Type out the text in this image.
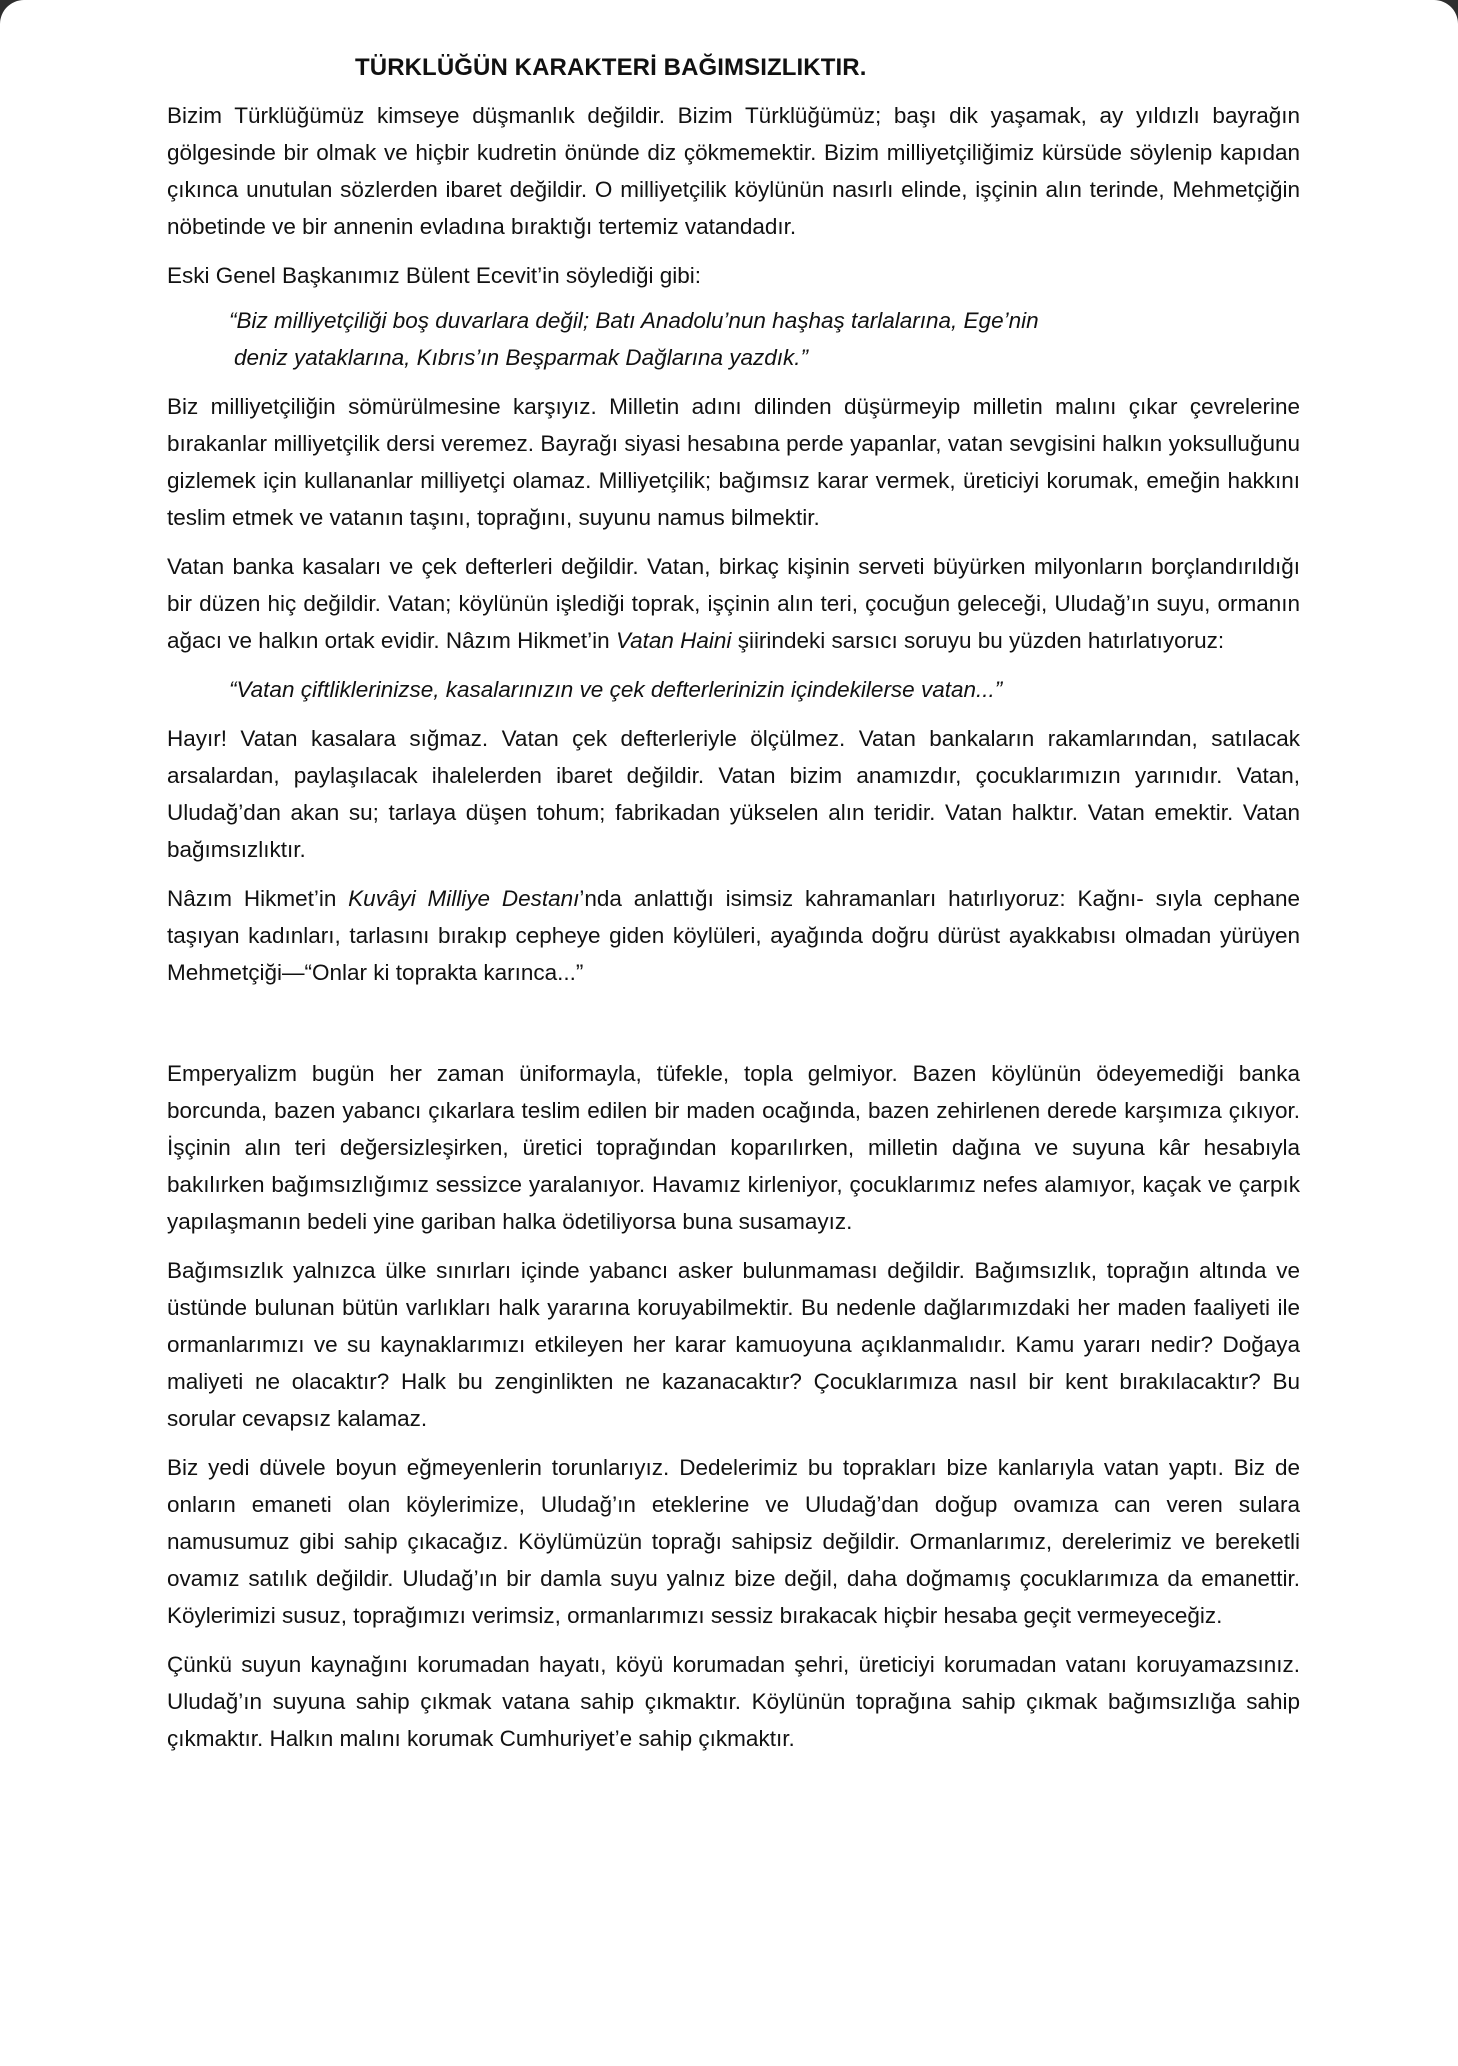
TÜRKLÜĞÜN KARAKTERİ BAĞIMSIZLIKTIR.

Bizim Türklüğümüz kimseye düşmanlık değildir. Bizim Türklüğümüz; başı dik yaşamak, ay yıldızlı bayrağın gölgesinde bir olmak ve hiçbir kudretin önünde diz çökmemektir. Bizim milliyetçiliğimiz kürsüde söylenip kapıdan çıkınca unutulan sözlerden ibaret değildir. O milliyetçilik köylünün nasırlı elinde, işçinin alın terinde, Mehmetçiğin nöbetinde ve bir annenin evladına bıraktığı tertemiz vatandadır.

Eski Genel Başkanımız Bülent Ecevit’in söylediği gibi:

“Biz milliyetçiliği boş duvarlara değil; Batı Anadolu’nun haşhaş tarlalarına, Ege’nin
deniz yataklarına, Kıbrıs’ın Beşparmak Dağlarına yazdık.”

Biz milliyetçiliğin sömürülmesine karşıyız. Milletin adını dilinden düşürmeyip milletin malını çıkar çevrelerine bırakanlar milliyetçilik dersi veremez. Bayrağı siyasi hesabına perde yapanlar, vatan sevgisini halkın yoksulluğunu gizlemek için kullananlar milliyetçi olamaz. Milliyetçilik; bağımsız karar vermek, üreticiyi korumak, emeğin hakkını teslim etmek ve vatanın taşını, toprağını, suyunu namus bilmektir.

Vatan banka kasaları ve çek defterleri değildir. Vatan, birkaç kişinin serveti büyürken milyonların borçlandırıldığı bir düzen hiç değildir. Vatan; köylünün işlediği toprak, işçinin alın teri, çocuğun geleceği, Uludağ’ın suyu, ormanın ağacı ve halkın ortak evidir. Nâzım Hikmet’in Vatan Haini şiirindeki sarsıcı soruyu bu yüzden hatırlatıyoruz:

“Vatan çiftliklerinizse, kasalarınızın ve çek defterlerinizin içindekilerse vatan...”

Hayır! Vatan kasalara sığmaz. Vatan çek defterleriyle ölçülmez. Vatan bankaların rakamlarından, satılacak arsalardan, paylaşılacak ihalelerden ibaret değildir. Vatan bizim anamızdır, çocuklarımızın yarınıdır. Vatan, Uludağ’dan akan su; tarlaya düşen tohum; fabrikadan yükselen alın teridir. Vatan halktır. Vatan emektir. Vatan bağımsızlıktır.

Nâzım Hikmet’in Kuvâyi Milliye Destanı’nda anlattığı isimsiz kahramanları hatırlıyoruz: Kağnı- sıyla cephane taşıyan kadınları, tarlasını bırakıp cepheye giden köylüleri, ayağında doğru dürüst ayakkabısı olmadan yürüyen Mehmetçiği—“Onlar ki toprakta karınca...”

Emperyalizm bugün her zaman üniformayla, tüfekle, topla gelmiyor. Bazen köylünün ödeyemediği banka borcunda, bazen yabancı çıkarlara teslim edilen bir maden ocağında, bazen zehirlenen derede karşımıza çıkıyor. İşçinin alın teri değersizleşirken, üretici toprağından koparılırken, milletin dağına ve suyuna kâr hesabıyla bakılırken bağımsızlığımız sessizce yaralanıyor. Havamız kirleniyor, çocuklarımız nefes alamıyor, kaçak ve çarpık yapılaşmanın bedeli yine gariban halka ödetiliyorsa buna susamayız.

Bağımsızlık yalnızca ülke sınırları içinde yabancı asker bulunmaması değildir. Bağımsızlık, toprağın altında ve üstünde bulunan bütün varlıkları halk yararına koruyabilmektir. Bu nedenle dağlarımızdaki her maden faaliyeti ile ormanlarımızı ve su kaynaklarımızı etkileyen her karar kamuoyuna açıklanmalıdır. Kamu yararı nedir? Doğaya maliyeti ne olacaktır? Halk bu zenginlikten ne kazanacaktır? Çocuklarımıza nasıl bir kent bırakılacaktır? Bu sorular cevapsız kalamaz.

Biz yedi düvele boyun eğmeyenlerin torunlarıyız. Dedelerimiz bu toprakları bize kanlarıyla vatan yaptı. Biz de onların emaneti olan köylerimize, Uludağ’ın eteklerine ve Uludağ’dan doğup ovamıza can veren sulara namusumuz gibi sahip çıkacağız. Köylümüzün toprağı sahipsiz değildir. Ormanlarımız, derelerimiz ve bereketli ovamız satılık değildir. Uludağ’ın bir damla suyu yalnız bize değil, daha doğmamış çocuklarımıza da emanettir. Köylerimizi susuz, toprağımızı verimsiz, ormanlarımızı sessiz bırakacak hiçbir hesaba geçit vermeyeceğiz.

Çünkü suyun kaynağını korumadan hayatı, köyü korumadan şehri, üreticiyi korumadan vatanı koruyamazsınız. Uludağ’ın suyuna sahip çıkmak vatana sahip çıkmaktır. Köylünün toprağına sahip çıkmak bağımsızlığa sahip çıkmaktır. Halkın malını korumak Cumhuriyet’e sahip çıkmaktır.
